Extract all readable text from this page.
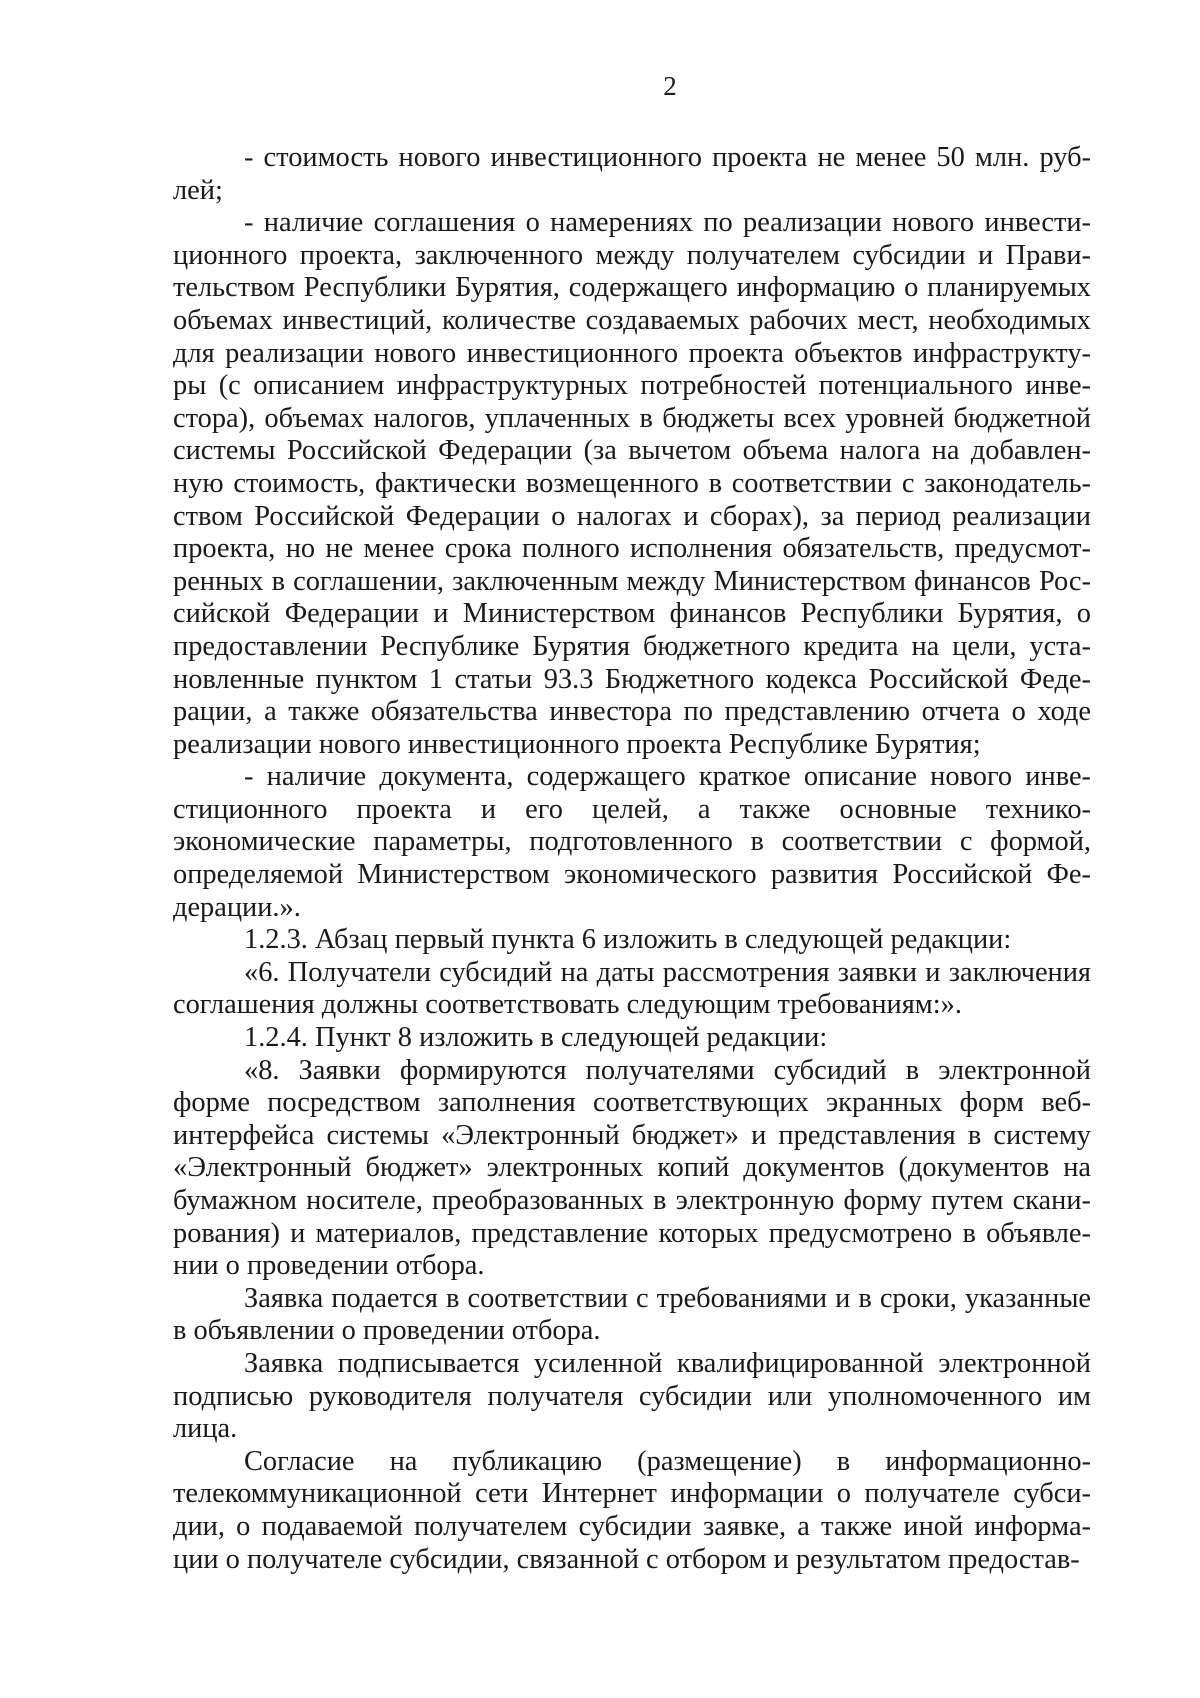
2
- стоимость нового инвестиционного проекта не менее 50 млн. руб-
лей;
- наличие соглашения о намерениях по реализации нового инвести-
ционного проекта, заключенного между получателем субсидии и Прави-
тельством Республики Бурятия, содержащего информацию о планируемых
объемах инвестиций, количестве создаваемых рабочих мест, необходимых
для реализации нового инвестиционного проекта объектов инфраструкту-
ры (с описанием инфраструктурных потребностей потенциального инве-
стора), объемах налогов, уплаченных в бюджеты всех уровней бюджетной
системы Российской Федерации (за вычетом объема налога на добавлен-
ную стоимость, фактически возмещенного в соответствии с законодатель-
ством Российской Федерации о налогах и сборах), за период реализации
проекта, но не менее срока полного исполнения обязательств, предусмот-
ренных в соглашении, заключенным между Министерством финансов Рос-
сийской Федерации и Министерством финансов Республики Бурятия, о
предоставлении Республике Бурятия бюджетного кредита на цели, уста-
новленные пунктом 1 статьи 93.3 Бюджетного кодекса Российской Феде-
рации, а также обязательства инвестора по представлению отчета о ходе
реализации нового инвестиционного проекта Республике Бурятия;
- наличие документа, содержащего краткое описание нового инве-
стиционного проекта и его целей, а также основные технико-
экономические параметры, подготовленного в соответствии с формой,
определяемой Министерством экономического развития Российской Фе-
дерации.».
1.2.3. Абзац первый пункта 6 изложить в следующей редакции:
«6. Получатели субсидий на даты рассмотрения заявки и заключения
соглашения должны соответствовать следующим требованиям:».
1.2.4. Пункт 8 изложить в следующей редакции:
«8. Заявки формируются получателями субсидий в электронной
форме посредством заполнения соответствующих экранных форм веб-
интерфейса системы «Электронный бюджет» и представления в систему
«Электронный бюджет» электронных копий документов (документов на
бумажном носителе, преобразованных в электронную форму путем скани-
рования) и материалов, представление которых предусмотрено в объявле-
нии о проведении отбора.
Заявка подается в соответствии с требованиями и в сроки, указанные
в объявлении о проведении отбора.
Заявка подписывается усиленной квалифицированной электронной
подписью руководителя получателя субсидии или уполномоченного им
лица.
Согласие на публикацию (размещение) в информационно-
телекоммуникационной сети Интернет информации о получателе субси-
дии, о подаваемой получателем субсидии заявке, а также иной информа-
ции о получателе субсидии, связанной с отбором и результатом предостав-
